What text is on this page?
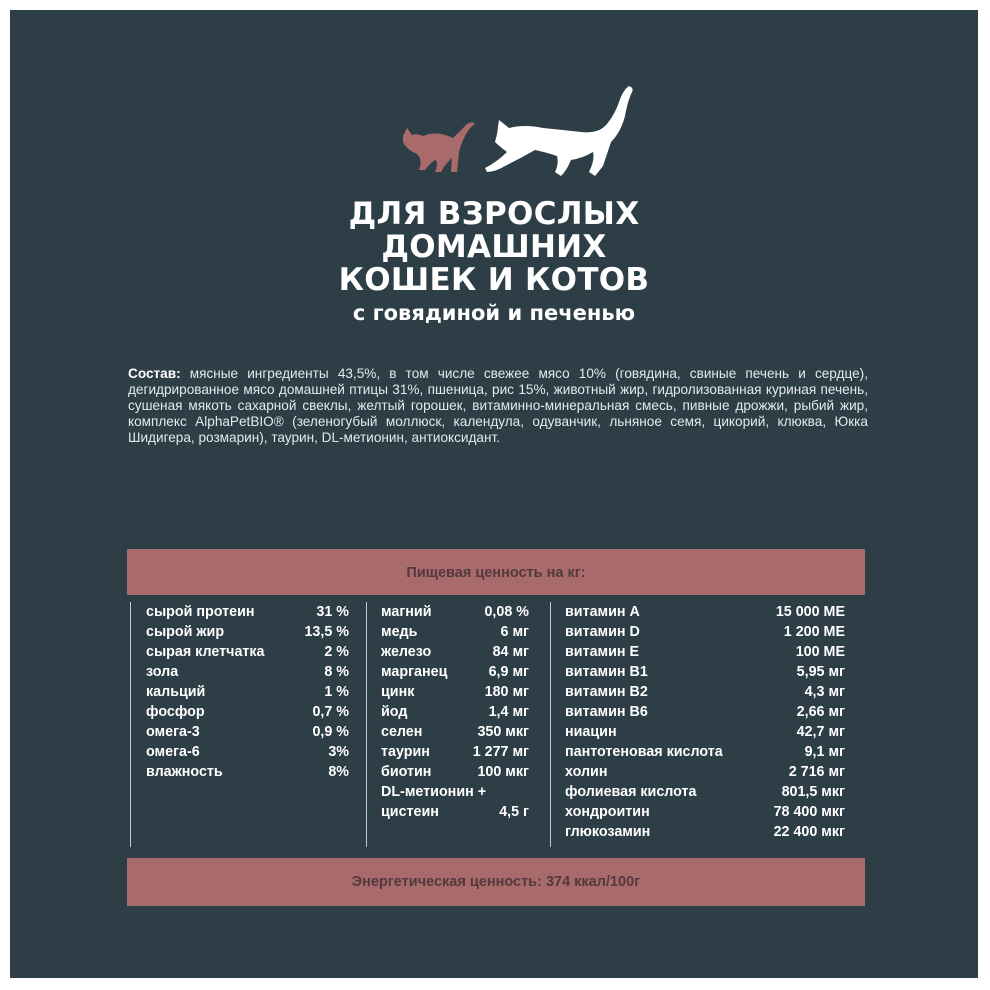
ДЛЯ ВЗРОСЛЫХ
ДОМАШНИХ
КОШЕК И КОТОВ
с говядиной и печенью
Состав: мясные ингредиенты 43,5%, в том числе свежее мясо 10% (говядина, свиные печень и сердце), дегидрированное мясо домашней птицы 31%, пшеница, рис 15%, животный жир, гидролизованная куриная печень, сушеная мякоть сахарной свеклы, желтый горошек, витаминно-минеральная смесь, пивные дрожжи, рыбий жир, комплекс AlphaPetBIO® (зеленогубый моллюск, календула, одуванчик, льняное семя, цикорий, клюква, Юкка Шидигера, розмарин), таурин, DL-метионин, антиоксидант.
Пищевая ценность на кг:
сырой протеин	31 %
сырой жир	13,5 %
сырая клетчатка	2 %
зола	8 %
кальций	1 %
фосфор	0,7 %
омега-3	0,9 %
омега-6	3%
влажность	8%
магний	0,08 %
медь	6 мг
железо	84 мг
марганец	6,9 мг
цинк	180 мг
йод	1,4 мг
селен	350 мкг
таурин	1 277 мг
биотин	100 мкг
DL-метионин +
цистеин	4,5 г
витамин A	15 000 МЕ
витамин D	1 200 МЕ
витамин E	100 МЕ
витамин B1	5,95 мг
витамин B2	4,3 мг
витамин B6	2,66 мг
ниацин	42,7 мг
пантотеновая кислота	9,1 мг
холин	2 716 мг
фолиевая кислота	801,5 мкг
хондроитин	78 400 мкг
глюкозамин	22 400 мкг
Энергетическая ценность: 374 ккал/100г
